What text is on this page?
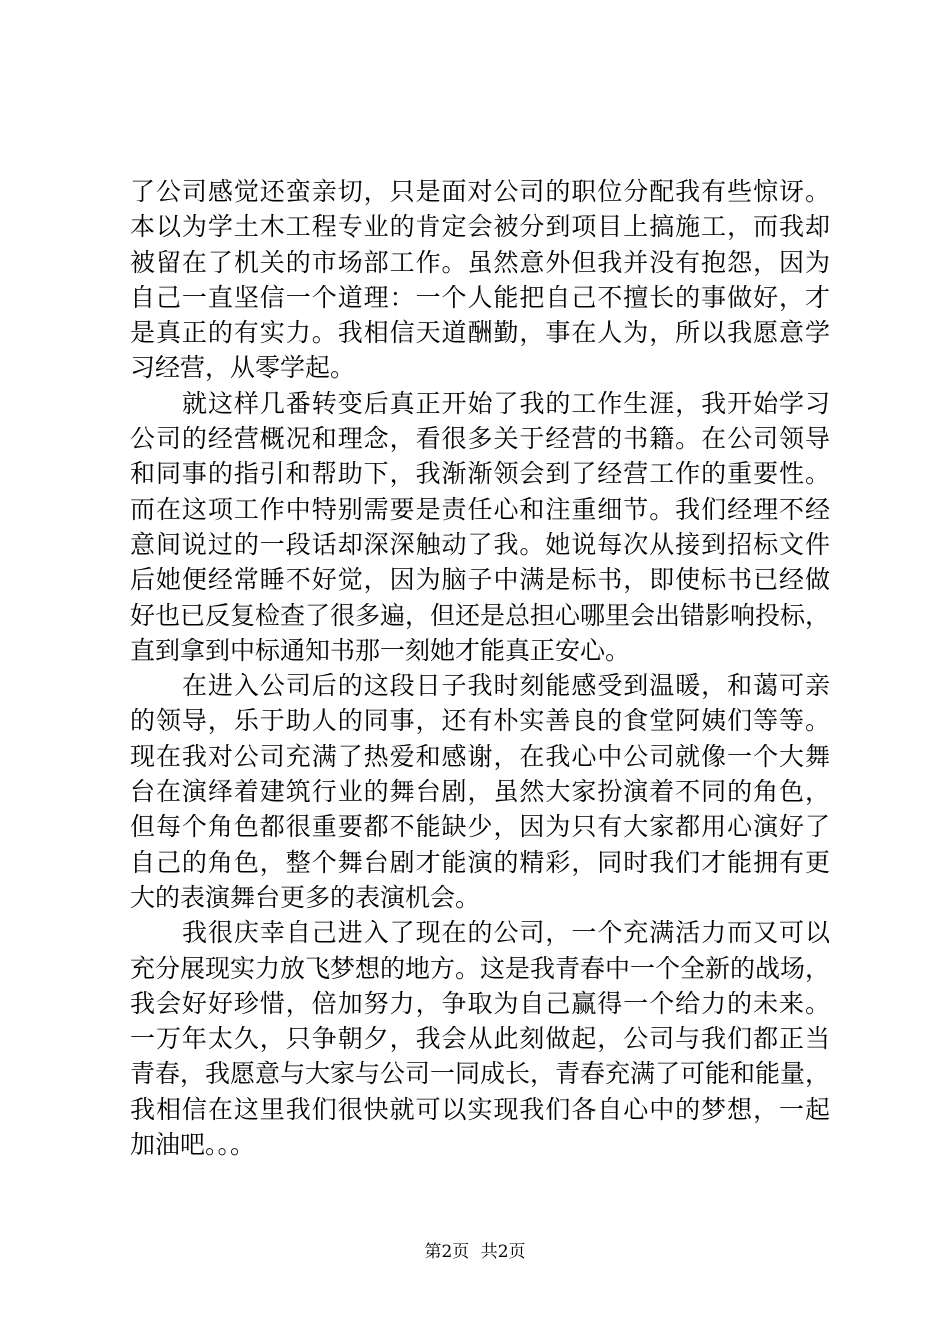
了公司感觉还蛮亲切，只是面对公司的职位分配我有些惊讶。
本以为学土木工程专业的肯定会被分到项目上搞施工，而我却
被留在了机关的市场部工作。虽然意外但我并没有抱怨，因为
自己一直坚信一个道理：一个人能把自己不擅长的事做好，才
是真正的有实力。我相信天道酬勤，事在人为，所以我愿意学
习经营，从零学起。
就这样几番转变后真正开始了我的工作生涯，我开始学习
公司的经营概况和理念，看很多关于经营的书籍。在公司领导
和同事的指引和帮助下，我渐渐领会到了经营工作的重要性。
而在这项工作中特别需要是责任心和注重细节。我们经理不经
意间说过的一段话却深深触动了我。她说每次从接到招标文件
后她便经常睡不好觉，因为脑子中满是标书，即使标书已经做
好也已反复检查了很多遍，但还是总担心哪里会出错影响投标，
直到拿到中标通知书那一刻她才能真正安心。
在进入公司后的这段日子我时刻能感受到温暖，和蔼可亲
的领导，乐于助人的同事，还有朴实善良的食堂阿姨们等等。
现在我对公司充满了热爱和感谢，在我心中公司就像一个大舞
台在演绎着建筑行业的舞台剧，虽然大家扮演着不同的角色，
但每个角色都很重要都不能缺少，因为只有大家都用心演好了
自己的角色，整个舞台剧才能演的精彩，同时我们才能拥有更
大的表演舞台更多的表演机会。
我很庆幸自己进入了现在的公司，一个充满活力而又可以
充分展现实力放飞梦想的地方。这是我青春中一个全新的战场，
我会好好珍惜，倍加努力，争取为自己赢得一个给力的未来。
一万年太久，只争朝夕，我会从此刻做起，公司与我们都正当
青春，我愿意与大家与公司一同成长，青春充满了可能和能量，
我相信在这里我们很快就可以实现我们各自心中的梦想，一起
加油吧。。。
第2页 共2页
